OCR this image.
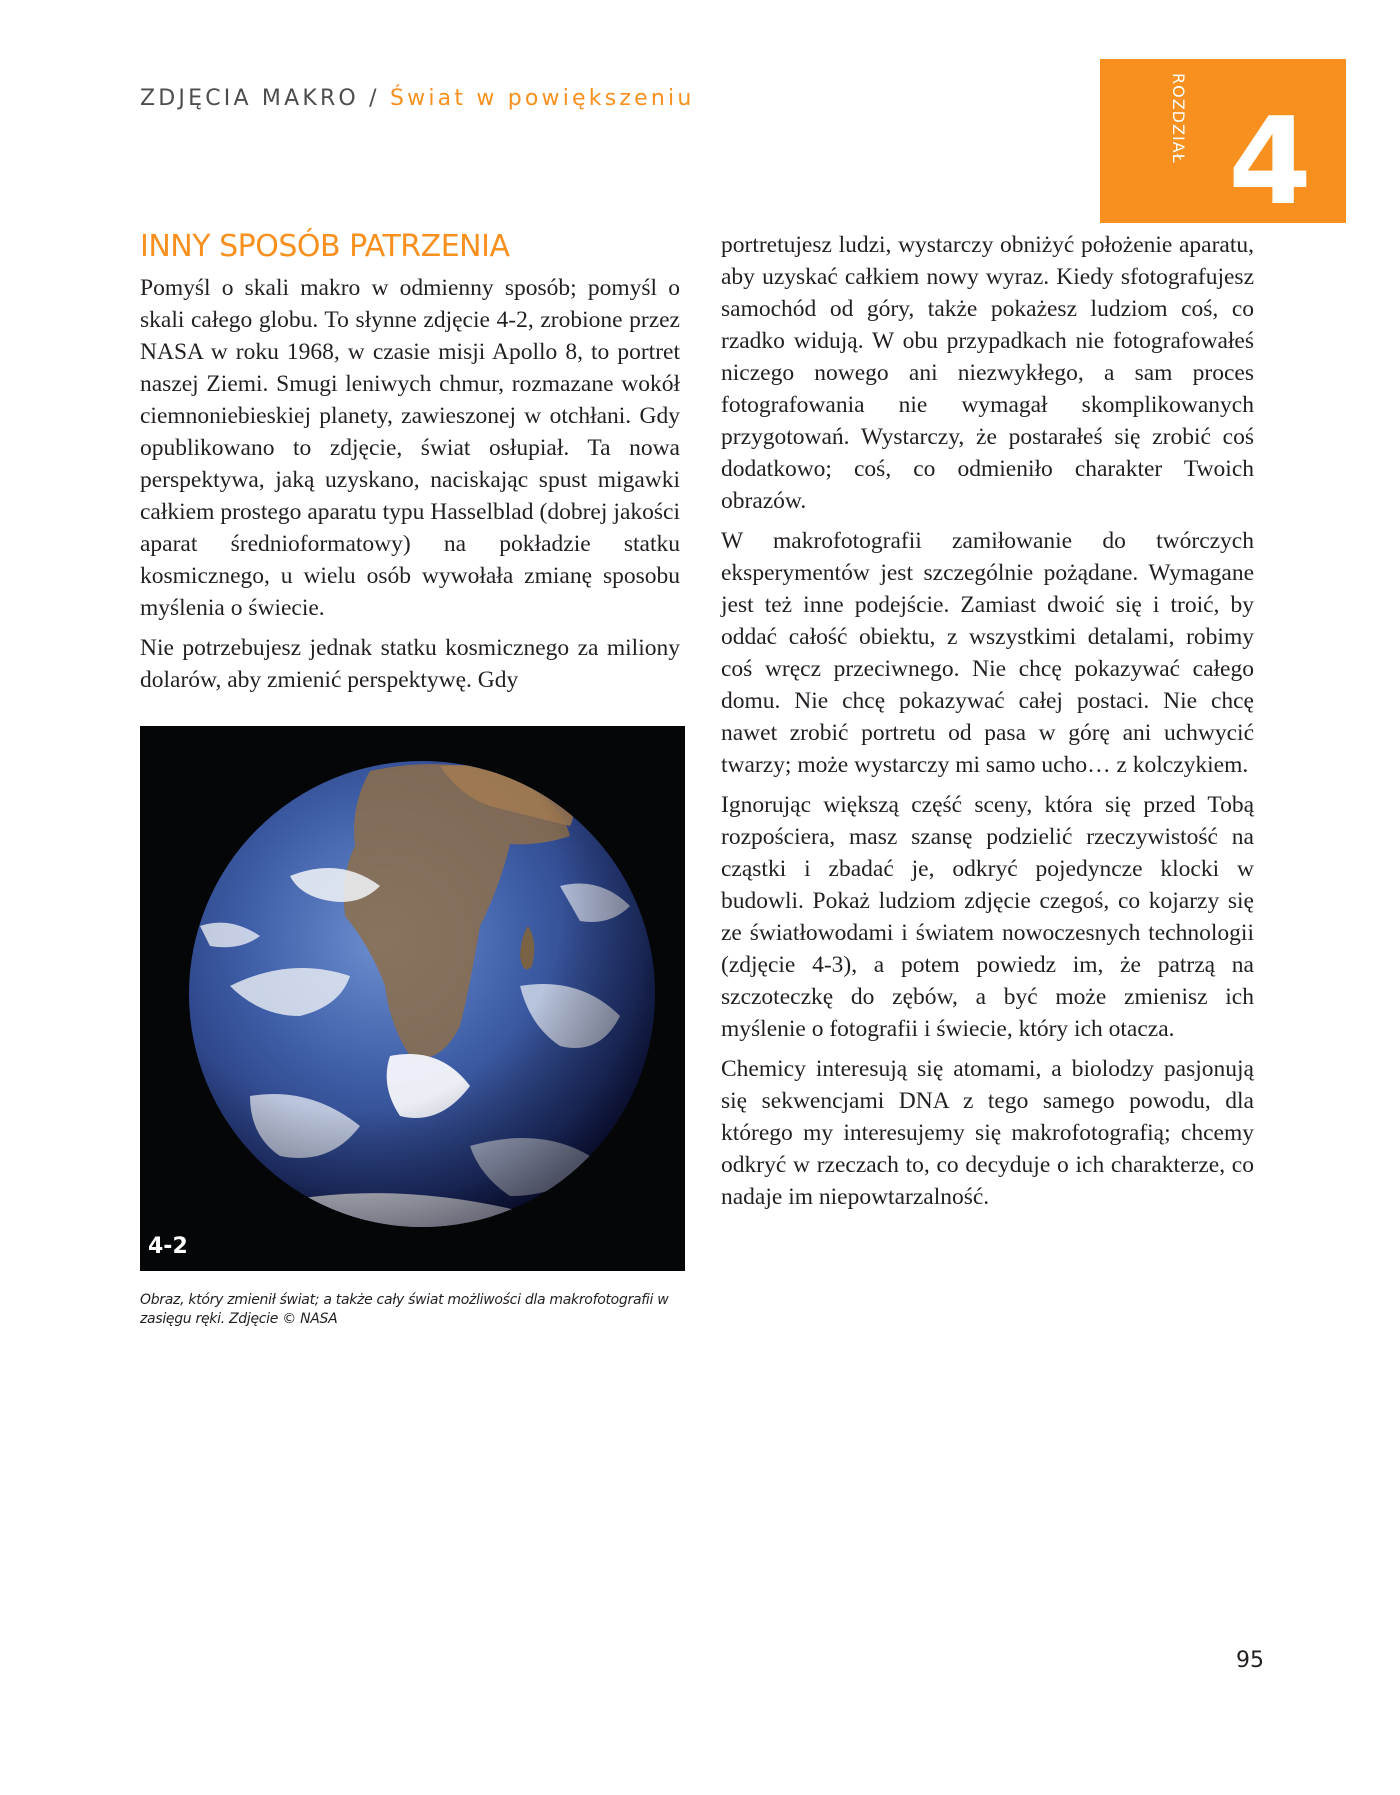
ZDJĘCIA MAKRO / Świat w powiększeniu	ROZDZIAŁ 4
INNY SPOSÓB PATRZENIA

Pomyśl o skali makro w odmienny sposób; pomyśl o skali całego globu. To słynne zdjęcie 4-2, zrobione przez NASA w roku 1968, w czasie misji Apollo 8, to portret naszej Ziemi. Smugi leniwych chmur, rozmazane wokół ciemnoniebieskiej planety, zawieszonej w otchłani. Gdy opublikowano to zdjęcie, świat osłupiał. Ta nowa perspektywa, jaką uzyskano, naciskając spust migawki całkiem prostego aparatu typu Hasselblad (dobrej jakości aparat średnioformatowy) na pokładzie statku kosmicznego, u wielu osób wywołała zmianę sposobu myślenia o świecie.

Nie potrzebujesz jednak statku kosmicznego za miliony dolarów, aby zmienić perspektywę. Gdy

4-2
Obraz, który zmienił świat; a także cały świat możliwości dla makrofotografii w zasięgu ręki. Zdjęcie © NASA

portretujesz ludzi, wystarczy obniżyć położenie aparatu, aby uzyskać całkiem nowy wyraz. Kiedy sfotografujesz samochód od góry, także pokażesz ludziom coś, co rzadko widują. W obu przypadkach nie fotografowałeś niczego nowego ani niezwykłego, a sam proces fotografowania nie wymagał skomplikowanych przygotowań. Wystarczy, że postarałeś się zrobić coś dodatkowo; coś, co odmieniło charakter Twoich obrazów.

W makrofotografii zamiłowanie do twórczych eksperymentów jest szczególnie pożądane. Wymagane jest też inne podejście. Zamiast dwoić się i troić, by oddać całość obiektu, z wszystkimi detalami, robimy coś wręcz przeciwnego. Nie chcę pokazywać całego domu. Nie chcę pokazywać całej postaci. Nie chcę nawet zrobić portretu od pasa w górę ani uchwycić twarzy; może wystarczy mi samo ucho… z kolczykiem.

Ignorując większą część sceny, która się przed Tobą rozpościera, masz szansę podzielić rzeczywistość na cząstki i zbadać je, odkryć pojedyncze klocki w budowli. Pokaż ludziom zdjęcie czegoś, co kojarzy się ze światłowodami i światem nowoczesnych technologii (zdjęcie 4-3), a potem powiedz im, że patrzą na szczoteczkę do zębów, a być może zmienisz ich myślenie o fotografii i świecie, który ich otacza.

Chemicy interesują się atomami, a biolodzy pasjonują się sekwencjami DNA z tego samego powodu, dla którego my interesujemy się makrofotografią; chcemy odkryć w rzeczach to, co decyduje o ich charakterze, co nadaje im niepowtarzalność.

95
